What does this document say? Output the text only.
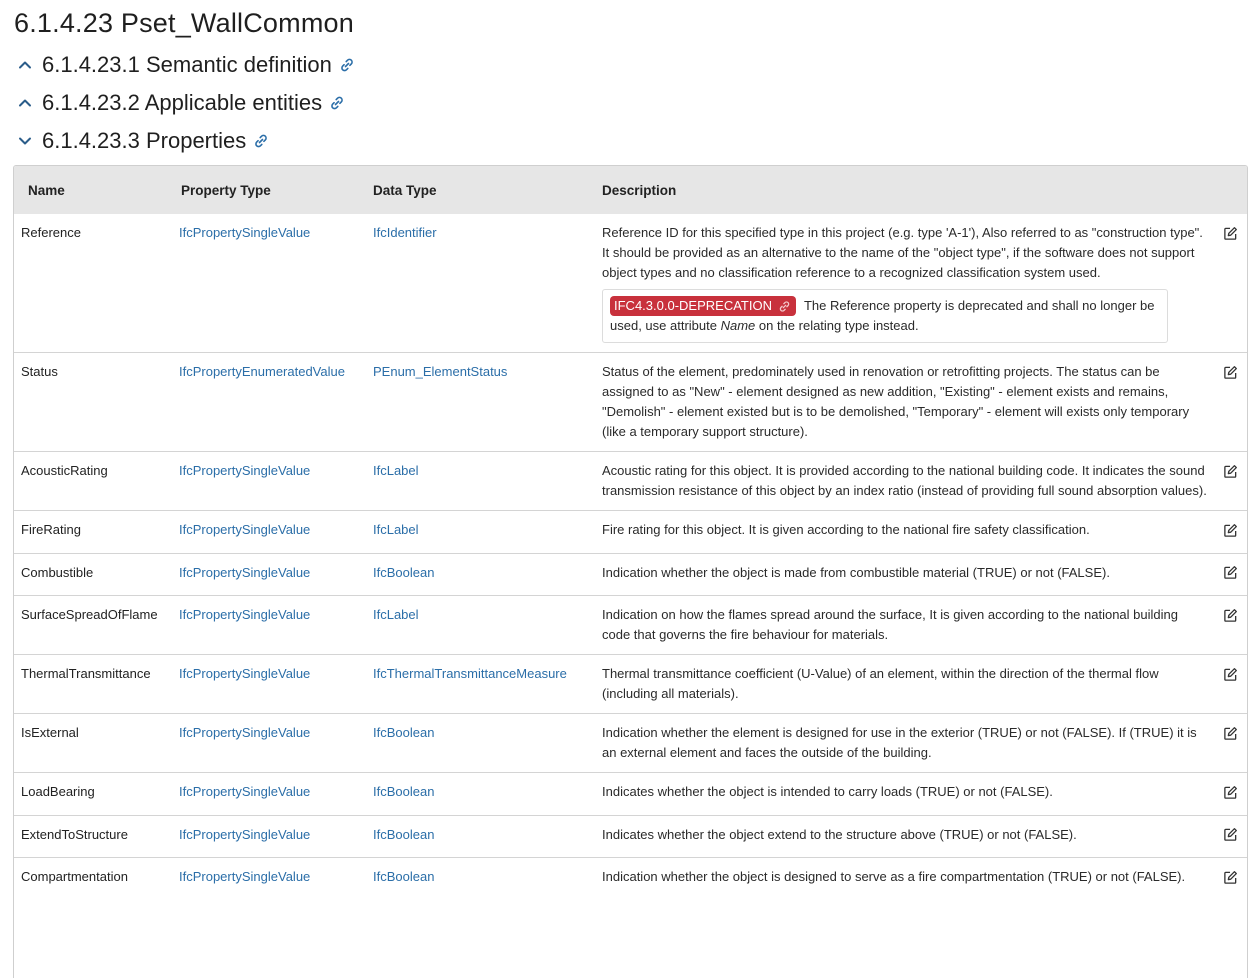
6.1.4.23 Pset_WallCommon
6.1.4.23.1 Semantic definition
6.1.4.23.2 Applicable entities
6.1.4.23.3 Properties
Name	Property Type	Data Type	Description	

Reference	IfcPropertySingleValue	IfcIdentifier	Reference ID for this specified type in this project (e.g. type 'A-1'), Also referred to as "construction type". It should be provided as an alternative to the name of the "object type", if the software does not support object types and no classification reference to a recognized classification system used.
IFC4.3.0.0-DEPRECATION The Reference property is deprecated and shall no longer be used, use attribute Name on the relating type instead.

Status	IfcPropertyEnumeratedValue	PEnum_ElementStatus	Status of the element, predominately used in renovation or retrofitting projects. The status can be assigned to as "New" - element designed as new addition, "Existing" - element exists and remains, "Demolish" - element existed but is to be demolished, "Temporary" - element will exists only temporary (like a temporary support structure).

AcousticRating	IfcPropertySingleValue	IfcLabel	Acoustic rating for this object. It is provided according to the national building code. It indicates the sound transmission resistance of this object by an index ratio (instead of providing full sound absorption values).

FireRating	IfcPropertySingleValue	IfcLabel	Fire rating for this object. It is given according to the national fire safety classification.

Combustible	IfcPropertySingleValue	IfcBoolean	Indication whether the object is made from combustible material (TRUE) or not (FALSE).

SurfaceSpreadOfFlame	IfcPropertySingleValue	IfcLabel	Indication on how the flames spread around the surface, It is given according to the national building code that governs the fire behaviour for materials.

ThermalTransmittance	IfcPropertySingleValue	IfcThermalTransmittanceMeasure	Thermal transmittance coefficient (U-Value) of an element, within the direction of the thermal flow (including all materials).

IsExternal	IfcPropertySingleValue	IfcBoolean	Indication whether the element is designed for use in the exterior (TRUE) or not (FALSE). If (TRUE) it is an external element and faces the outside of the building.

LoadBearing	IfcPropertySingleValue	IfcBoolean	Indicates whether the object is intended to carry loads (TRUE) or not (FALSE).

ExtendToStructure	IfcPropertySingleValue	IfcBoolean	Indicates whether the object extend to the structure above (TRUE) or not (FALSE).

Compartmentation	IfcPropertySingleValue	IfcBoolean	Indication whether the object is designed to serve as a fire compartmentation (TRUE) or not (FALSE).
